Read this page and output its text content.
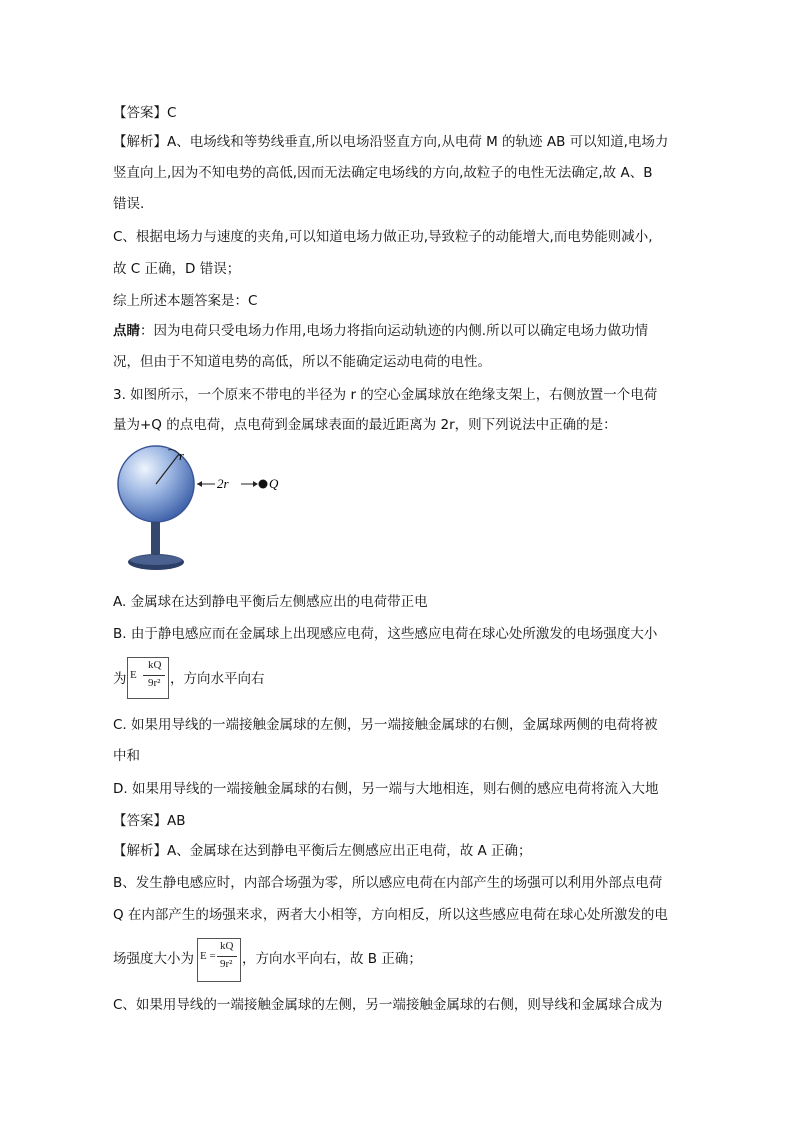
【答案】C
【解析】A、电场线和等势线垂直,所以电场沿竖直方向,从电荷 M 的轨迹 AB 可以知道,电场力
竖直向上,因为不知电势的高低,因而无法确定电场线的方向,故粒子的电性无法确定,故 A、B
错误.
C、根据电场力与速度的夹角,可以知道电场力做正功,导致粒子的动能增大,而电势能则减小,
故 C 正确，D 错误；
综上所述本题答案是：C
点睛：因为电荷只受电场力作用,电场力将指向运动轨迹的内侧.所以可以确定电场力做功情
况，但由于不知道电势的高低，所以不能确定运动电荷的电性。
3. 如图所示，一个原来不带电的半径为 r 的空心金属球放在绝缘支架上，右侧放置一个电荷
量为+Q 的点电荷，点电荷到金属球表面的最近距离为 2r，则下列说法中正确的是：
r
2r	Q
A. 金属球在达到静电平衡后左侧感应出的电荷带正电
B. 由于静电感应而在金属球上出现感应电荷，这些感应电荷在球心处所激发的电场强度大小
为 E
kQ
9r² ，方向水平向右
C. 如果用导线的一端接触金属球的左侧，另一端接触金属球的右侧，金属球两侧的电荷将被
中和
D. 如果用导线的一端接触金属球的右侧，另一端与大地相连，则右侧的感应电荷将流入大地
【答案】AB
【解析】A、金属球在达到静电平衡后左侧感应出正电荷，故 A 正确；
B、发生静电感应时，内部合场强为零，所以感应电荷在内部产生的场强可以利用外部点电荷
Q 在内部产生的场强来求，两者大小相等，方向相反，所以这些感应电荷在球心处所激发的电
场强度大小为 E =
kQ
9r² ，方向水平向右，故 B 正确；
C、如果用导线的一端接触金属球的左侧，另一端接触金属球的右侧，则导线和金属球合成为
